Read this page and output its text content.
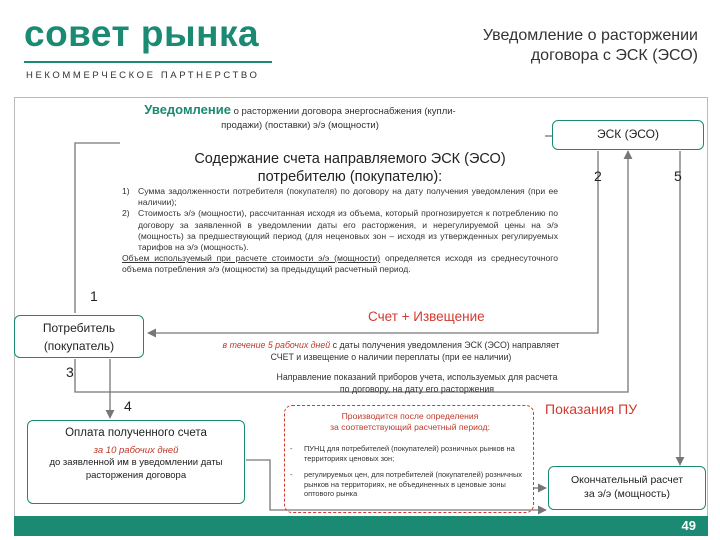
совет рынка
НЕКОММЕРЧЕСКОЕ ПАРТНЕРСТВО
Уведомление о расторжении
договора с ЭСК (ЭСО)
Уведомление о расторжении договора энергоснабжения (купли-
продажи) (поставки) э/э (мощности)
ЭСК (ЭСО)
Содержание счета направляемого ЭСК (ЭСО)
потребителю (покупателю):
1) Сумма задолженности потребителя (покупателя) по договору на дату получения уведомления (при ее наличии);
2) Стоимость э/э (мощности), рассчитанная исходя из объема, который прогнозируется к потреблению по договору за заявленной в уведомлении даты его расторжения, и нерегулируемой цены на э/э (мощность) за предшествующий период (для неценовых зон – исходя из утвержденных регулируемых тарифов на э/э (мощность).
Объем используемый при расчете стоимости э/э (мощности) определяется исходя из среднесуточного объема потребления э/э (мощности) за предыдущий расчетный период.
1
2
3
4
5
Потребитель
(покупатель)
Счет + Извещение
в течение 5 рабочих дней с даты получения уведомления ЭСК (ЭСО) направляет
СЧЕТ и извещение о наличии переплаты (при ее наличии)
Направление показаний приборов учета, используемых для расчета
по договору, на дату его расторжения
Показания ПУ
Оплата полученного счета
за 10 рабочих дней
до заявленной им в уведомлении даты
расторжения договора
Производится после определения
за соответствующий расчетный период:
-	ПУНЦ для потребителей (покупателей) розничных рынков на территориях ценовых зон;
-	регулируемых цен, для потребителей (покупателей) розничных рынков на территориях, не объединенных в ценовые зоны оптового рынка
Окончательный расчет
за э/э (мощность)
49
